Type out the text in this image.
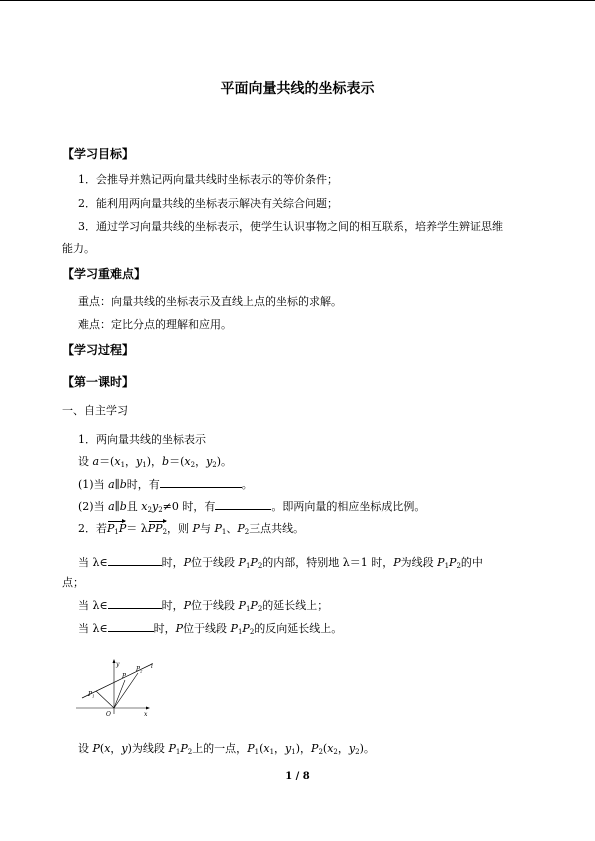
平面向量共线的坐标表示
【学习目标】
1．会推导并熟记两向量共线时坐标表示的等价条件；
2．能利用两向量共线的坐标表示解决有关综合问题；
3．通过学习向量共线的坐标表示，使学生认识事物之间的相互联系，培养学生辨证思维
能力。
【学习重难点】
重点：向量共线的坐标表示及直线上点的坐标的求解。
难点：定比分点的理解和应用。
【学习过程】
【第一课时】
一、自主学习
1．两向量共线的坐标表示
设 $a=(x_1$，$y_1$)，$b=(x_2$，$y_2$)。
(1)当 a∥b时，有	。
(2)当 a∥b且 $x_2y_2\ne 0$ 时，有	。即两向量的相应坐标成比例。
2．若$P_1P= \lambda PP_2$，则 P与 $P_1$、$P_2$三点共线。
当 λ∈	时，P位于线段 $P_1P_2$的内部，特别地 λ＝1 时，P为线段 $P_1P_2$的中
点；
当 λ∈	时，P位于线段 $P_1P_2$的延长线上；
当 λ∈	时，P位于线段 $P_1P_2$的反向延长线上。
y
x
O
l
P
$P_1$
$P_2$
设 P(x，y)为线段 $P_1P_2$上的一点，$P_1(x_1$，$y_1$)，$P_2(x_2$，$y_2$)。
1 / 8
